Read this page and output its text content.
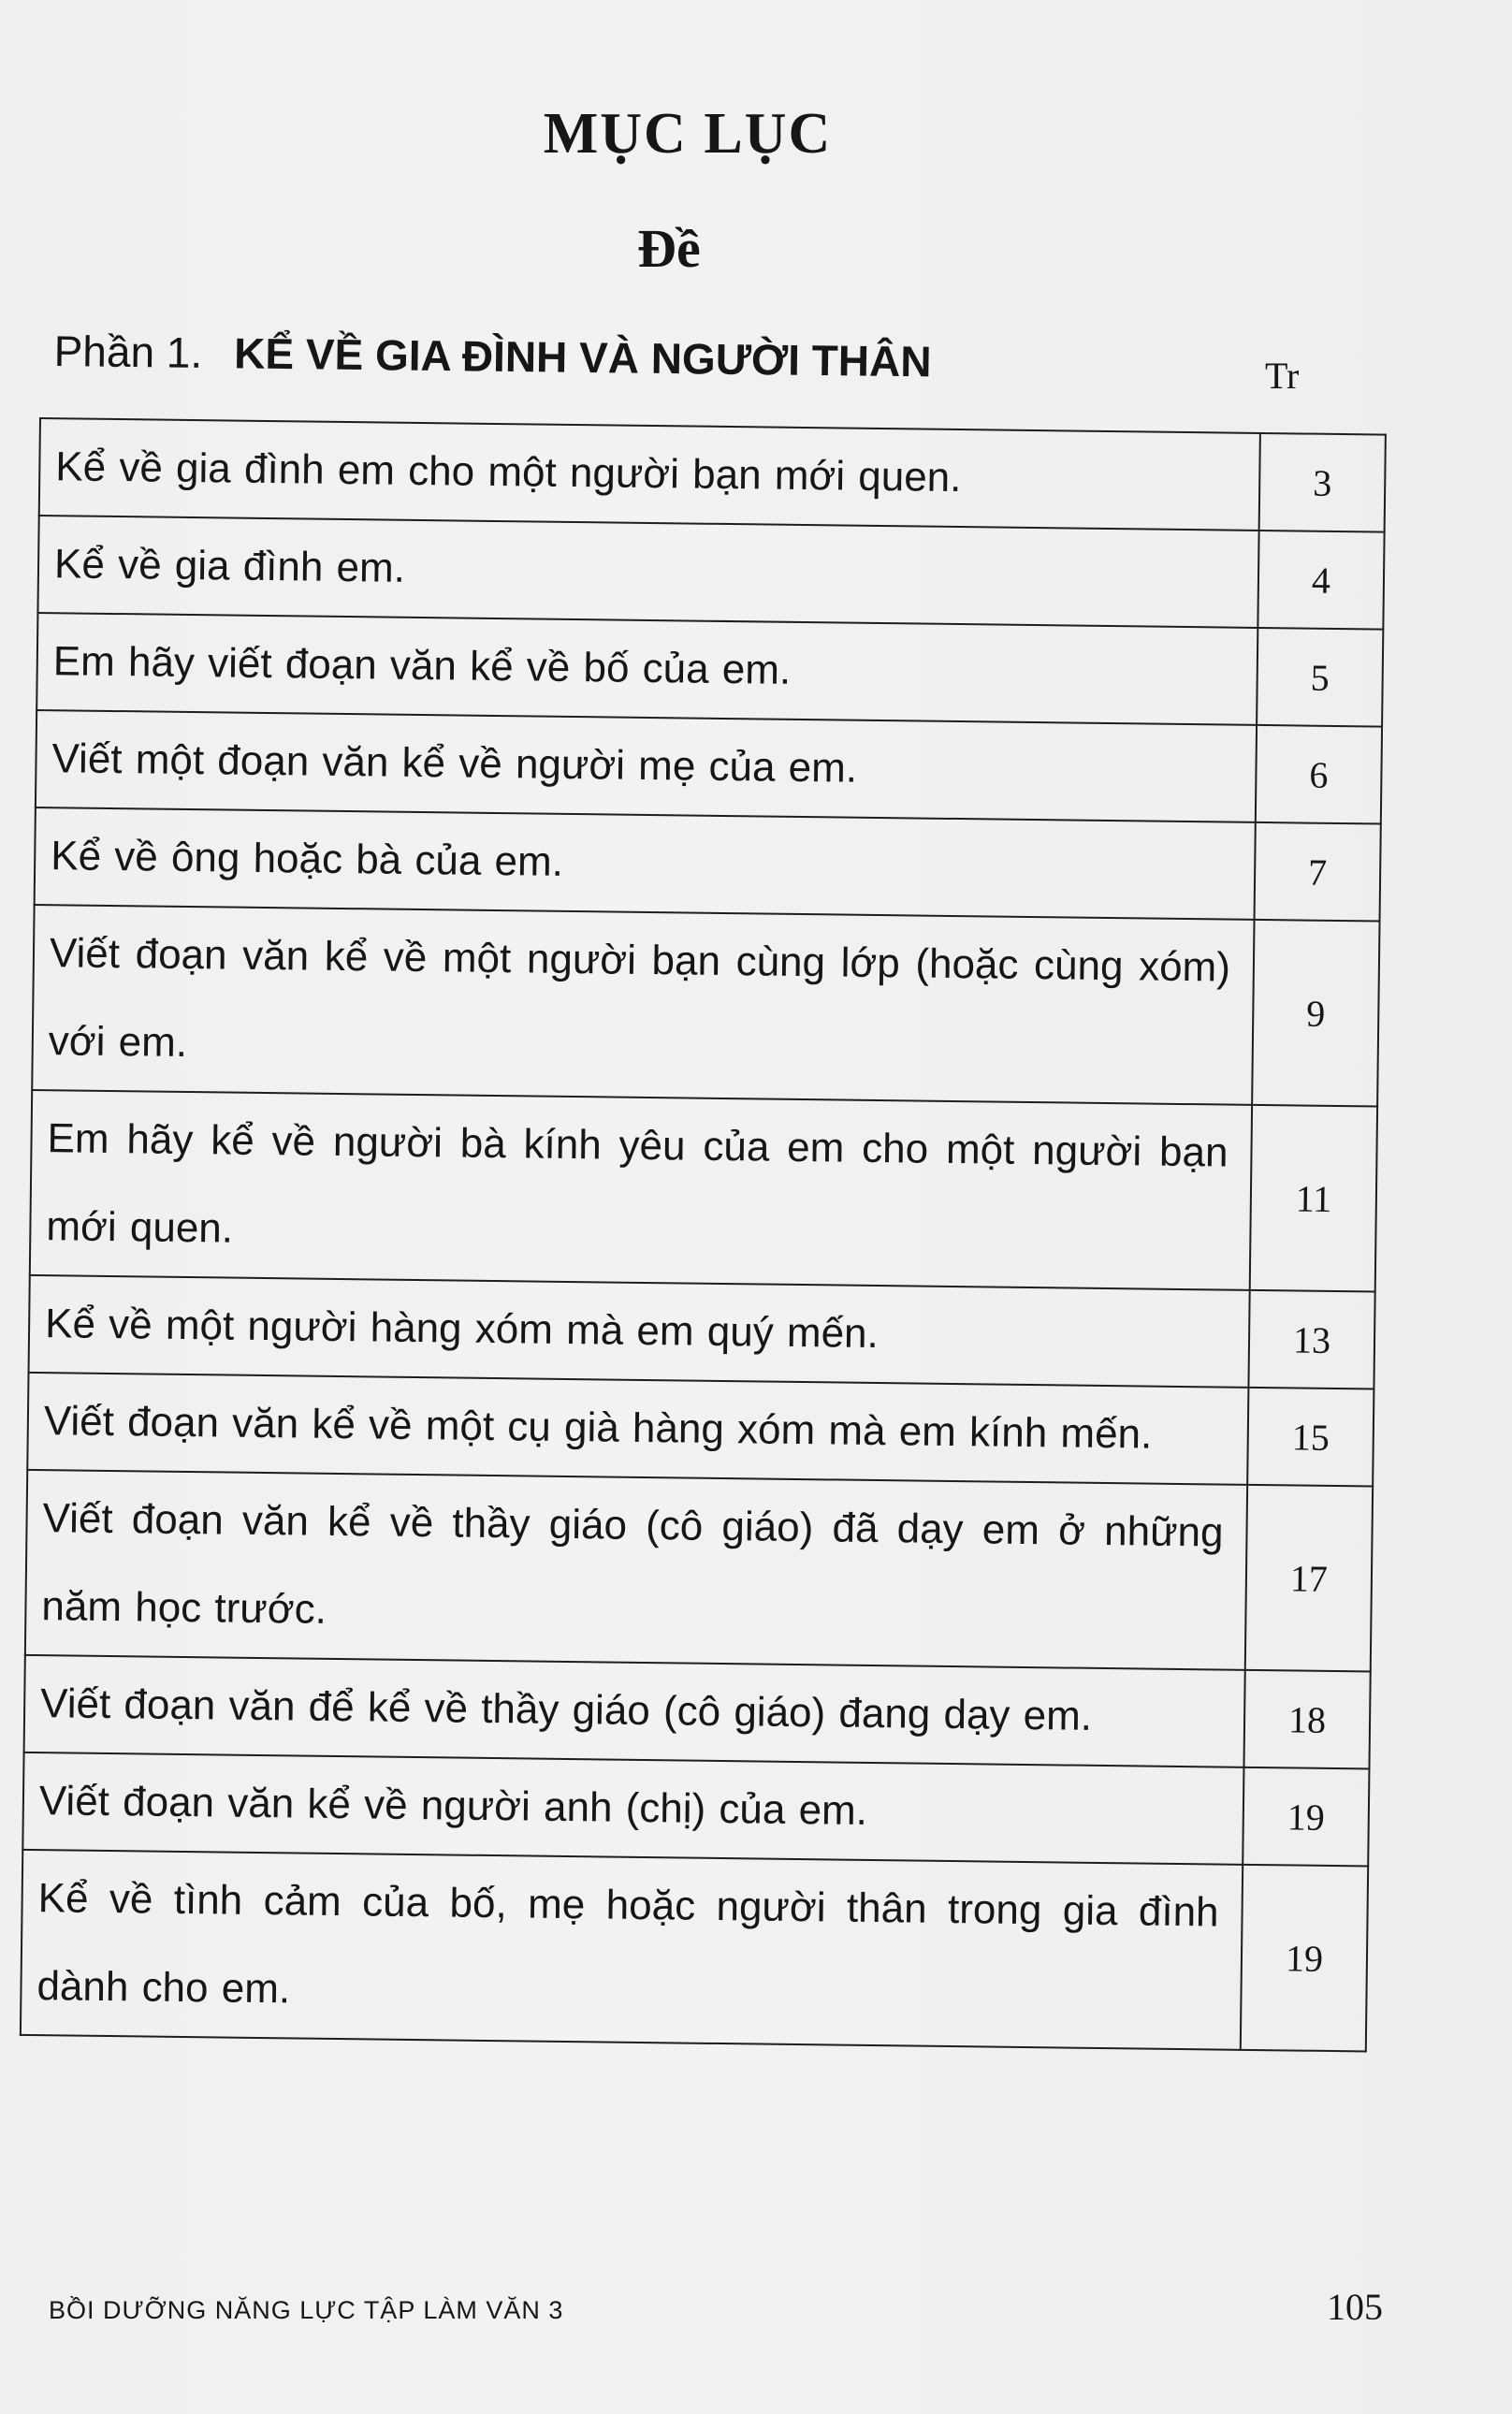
MỤC LỤC
Đề
Phần 1. KỂ VỀ GIA ĐÌNH VÀ NGƯỜI THÂN	Tr
Kể về gia đình em cho một người bạn mới quen.	3
Kể về gia đình em.	4
Em hãy viết đoạn văn kể về bố của em.	5
Viết một đoạn văn kể về người mẹ của em.	6
Kể về ông hoặc bà của em.	7
Viết đoạn văn kể về một người bạn cùng lớp (hoặc cùng xóm) với em.	9
Em hãy kể về người bà kính yêu của em cho một người bạn mới quen.	11
Kể về một người hàng xóm mà em quý mến.	13
Viết đoạn văn kể về một cụ già hàng xóm mà em kính mến.	15
Viết đoạn văn kể về thầy giáo (cô giáo) đã dạy em ở những năm học trước.	17
Viết đoạn văn để kể về thầy giáo (cô giáo) đang dạy em.	18
Viết đoạn văn kể về người anh (chị) của em.	19
Kể về tình cảm của bố, mẹ hoặc người thân trong gia đình dành cho em.	19
BỒI DƯỠNG NĂNG LỰC TẬP LÀM VĂN 3	105
